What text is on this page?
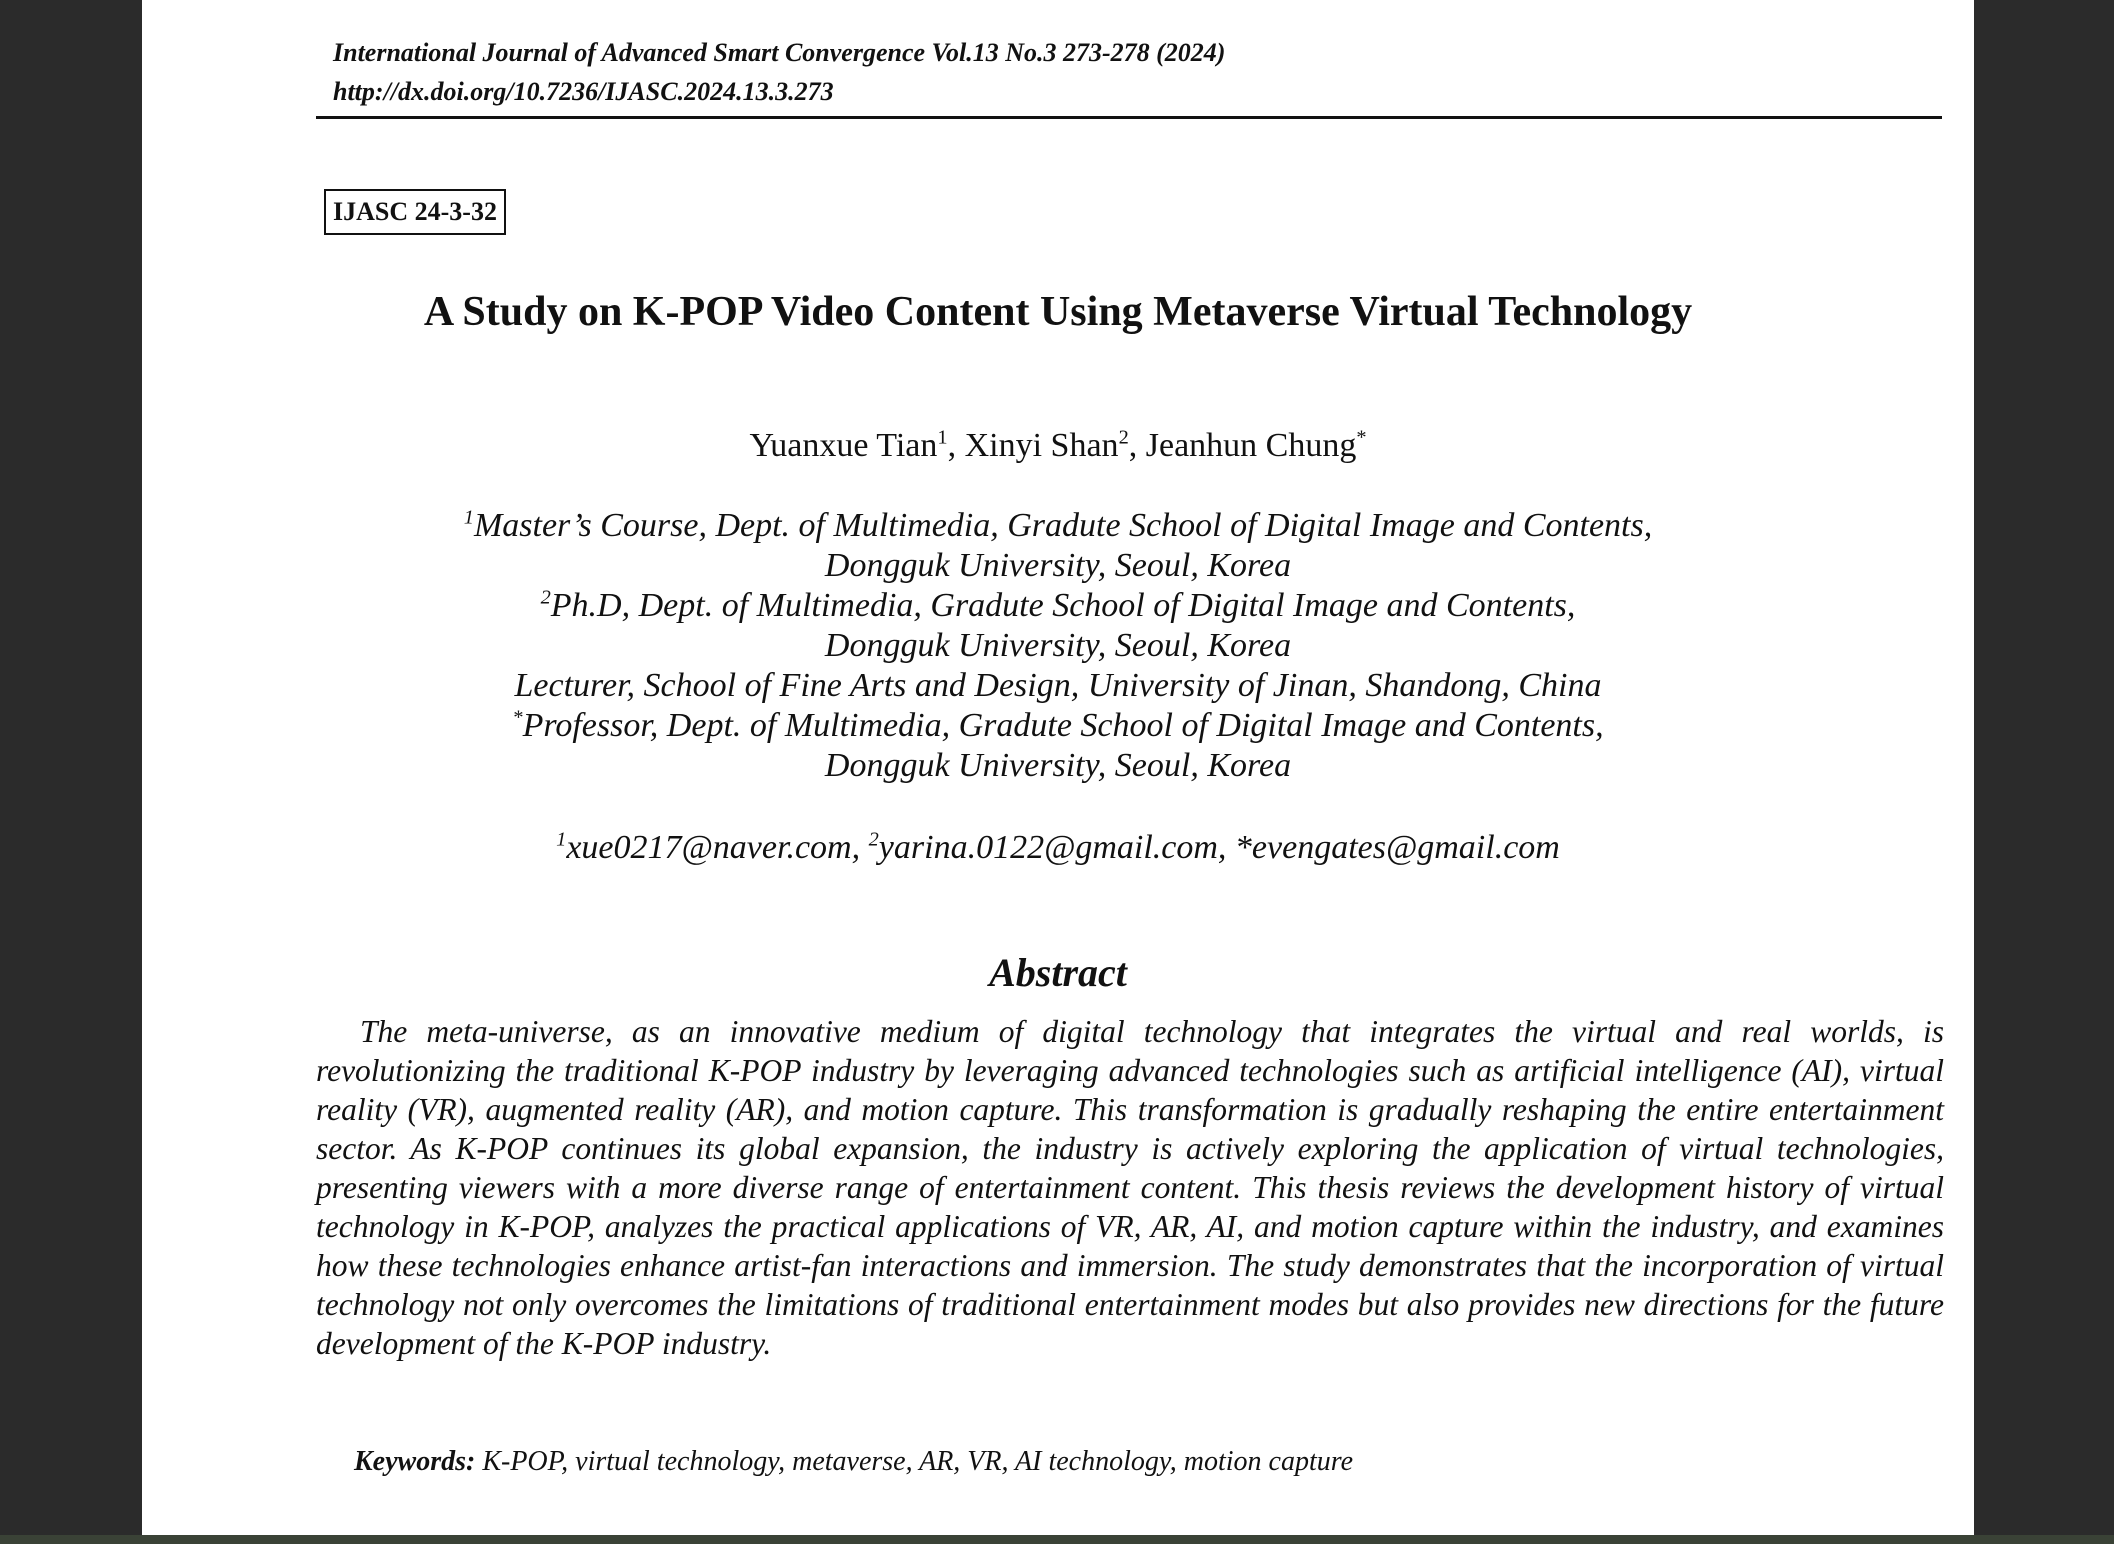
International Journal of Advanced Smart Convergence Vol.13 No.3 273-278 (2024)
http://dx.doi.org/10.7236/IJASC.2024.13.3.273
IJASC 24-3-32
A Study on K-POP Video Content Using Metaverse Virtual Technology
Yuanxue Tian$^1$, Xinyi Shan$^2$, Jeanhun Chung*
$^1$Master’s Course, Dept. of Multimedia, Gradute School of Digital Image and Contents,
Dongguk University, Seoul, Korea
$^2$Ph.D, Dept. of Multimedia, Gradute School of Digital Image and Contents,
Dongguk University, Seoul, Korea
Lecturer, School of Fine Arts and Design, University of Jinan, Shandong, China
*Professor, Dept. of Multimedia, Gradute School of Digital Image and Contents,
Dongguk University, Seoul, Korea
$^1$xue0217@naver.com, $^2$yarina.0122@gmail.com, *evengates@gmail.com
Abstract

The meta-universe, as an innovative medium of digital technology that integrates the virtual and real worlds, is revolutionizing the traditional K-POP industry by leveraging advanced technologies such as artificial intelligence (AI), virtual reality (VR), augmented reality (AR), and motion capture. This transformation is gradually reshaping the entire entertainment sector. As K-POP continues its global expansion, the industry is actively exploring the application of virtual technologies, presenting viewers with a more diverse range of entertainment content. This thesis reviews the development history of virtual technology in K-POP, analyzes the practical applications of VR, AR, AI, and motion capture within the industry, and examines how these technologies enhance artist-fan interactions and immersion. The study demonstrates that the incorporation of virtual technology not only overcomes the limitations of traditional entertainment modes but also provides new directions for the future development of the K-POP industry.

Keywords: K-POP, virtual technology, metaverse, AR, VR, AI technology, motion capture
